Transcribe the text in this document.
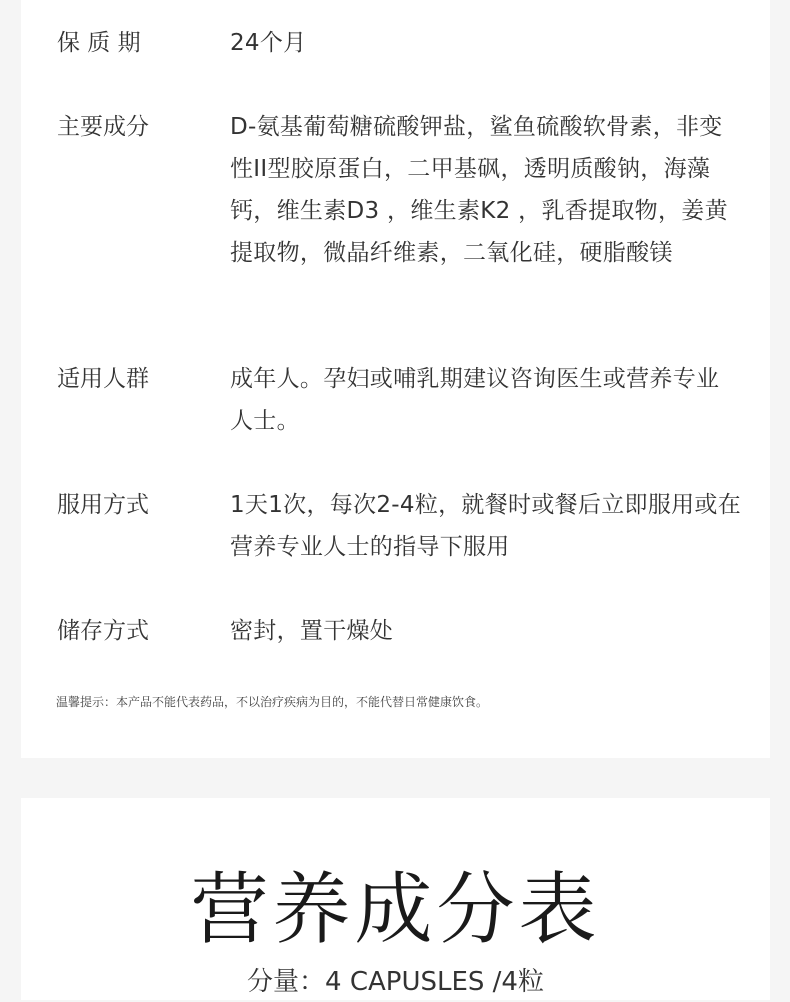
保 质 期	24个月
主要成分	D-氨基葡萄糖硫酸钾盐，鲨鱼硫酸软骨素，非变性II型胶原蛋白，二甲基砜，透明质酸钠，海藻钙，维生素D3 ，维生素K2 ，乳香提取物，姜黄提取物，微晶纤维素，二氧化硅，硬脂酸镁
适用人群	成年人。孕妇或哺乳期建议咨询医生或营养专业人士。
服用方式	1天1次，每次2-4粒，就餐时或餐后立即服用或在营养专业人士的指导下服用
储存方式	密封，置干燥处
温馨提示：本产品不能代表药品，不以治疗疾病为目的，不能代替日常健康饮食。
营养成分表
分量：4 CAPUSLES /4粒
